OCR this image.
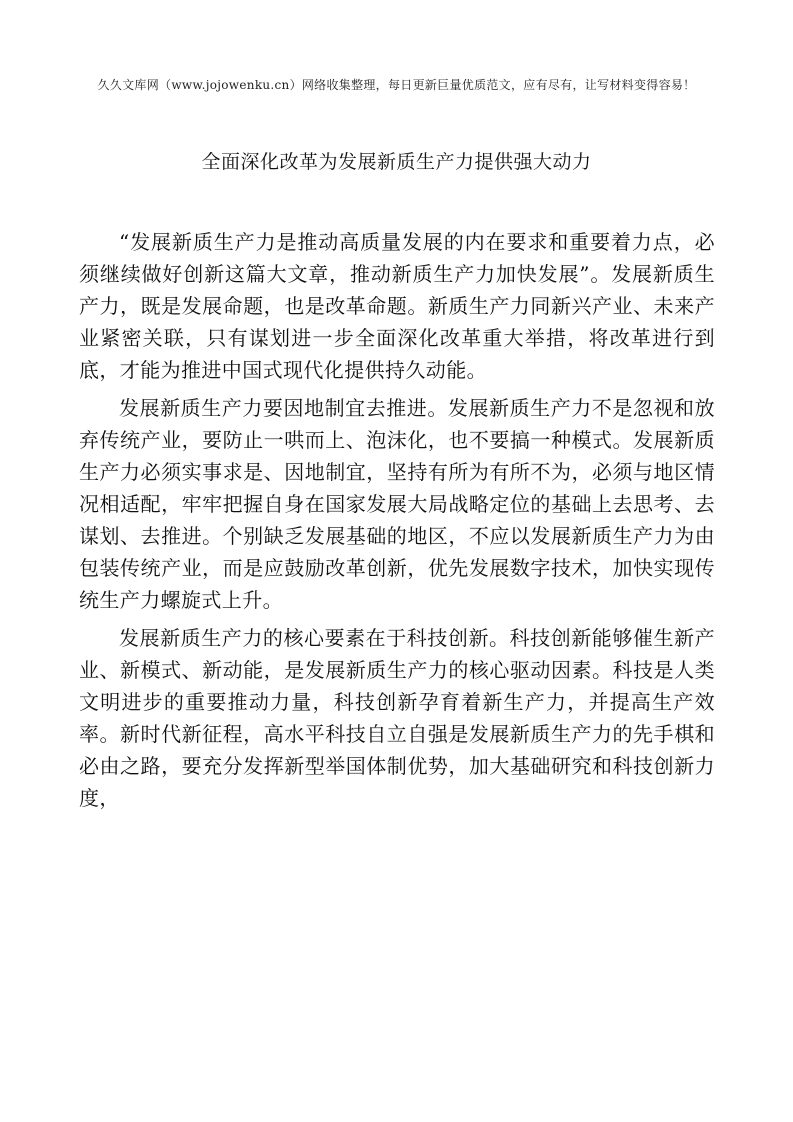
久久文库网（www.jojowenku.cn）网络收集整理，每日更新巨量优质范文，应有尽有，让写材料变得容易！
全面深化改革为发展新质生产力提供强大动力

“发展新质生产力是推动高质量发展的内在要求和重要着力点，必须继续做好创新这篇大文章，推动新质生产力加快发展”。发展新质生产力，既是发展命题，也是改革命题。新质生产力同新兴产业、未来产业紧密关联，只有谋划进一步全面深化改革重大举措，将改革进行到底，才能为推进中国式现代化提供持久动能。

发展新质生产力要因地制宜去推进。发展新质生产力不是忽视和放弃传统产业，要防止一哄而上、泡沫化，也不要搞一种模式。发展新质生产力必须实事求是、因地制宜，坚持有所为有所不为，必须与地区情况相适配，牢牢把握自身在国家发展大局战略定位的基础上去思考、去谋划、去推进。个别缺乏发展基础的地区，不应以发展新质生产力为由包装传统产业，而是应鼓励改革创新，优先发展数字技术，加快实现传统生产力螺旋式上升。

发展新质生产力的核心要素在于科技创新。科技创新能够催生新产业、新模式、新动能，是发展新质生产力的核心驱动因素。科技是人类文明进步的重要推动力量，科技创新孕育着新生产力，并提高生产效率。新时代新征程，高水平科技自立自强是发展新质生产力的先手棋和必由之路，要充分发挥新型举国体制优势，加大基础研究和科技创新力度，
